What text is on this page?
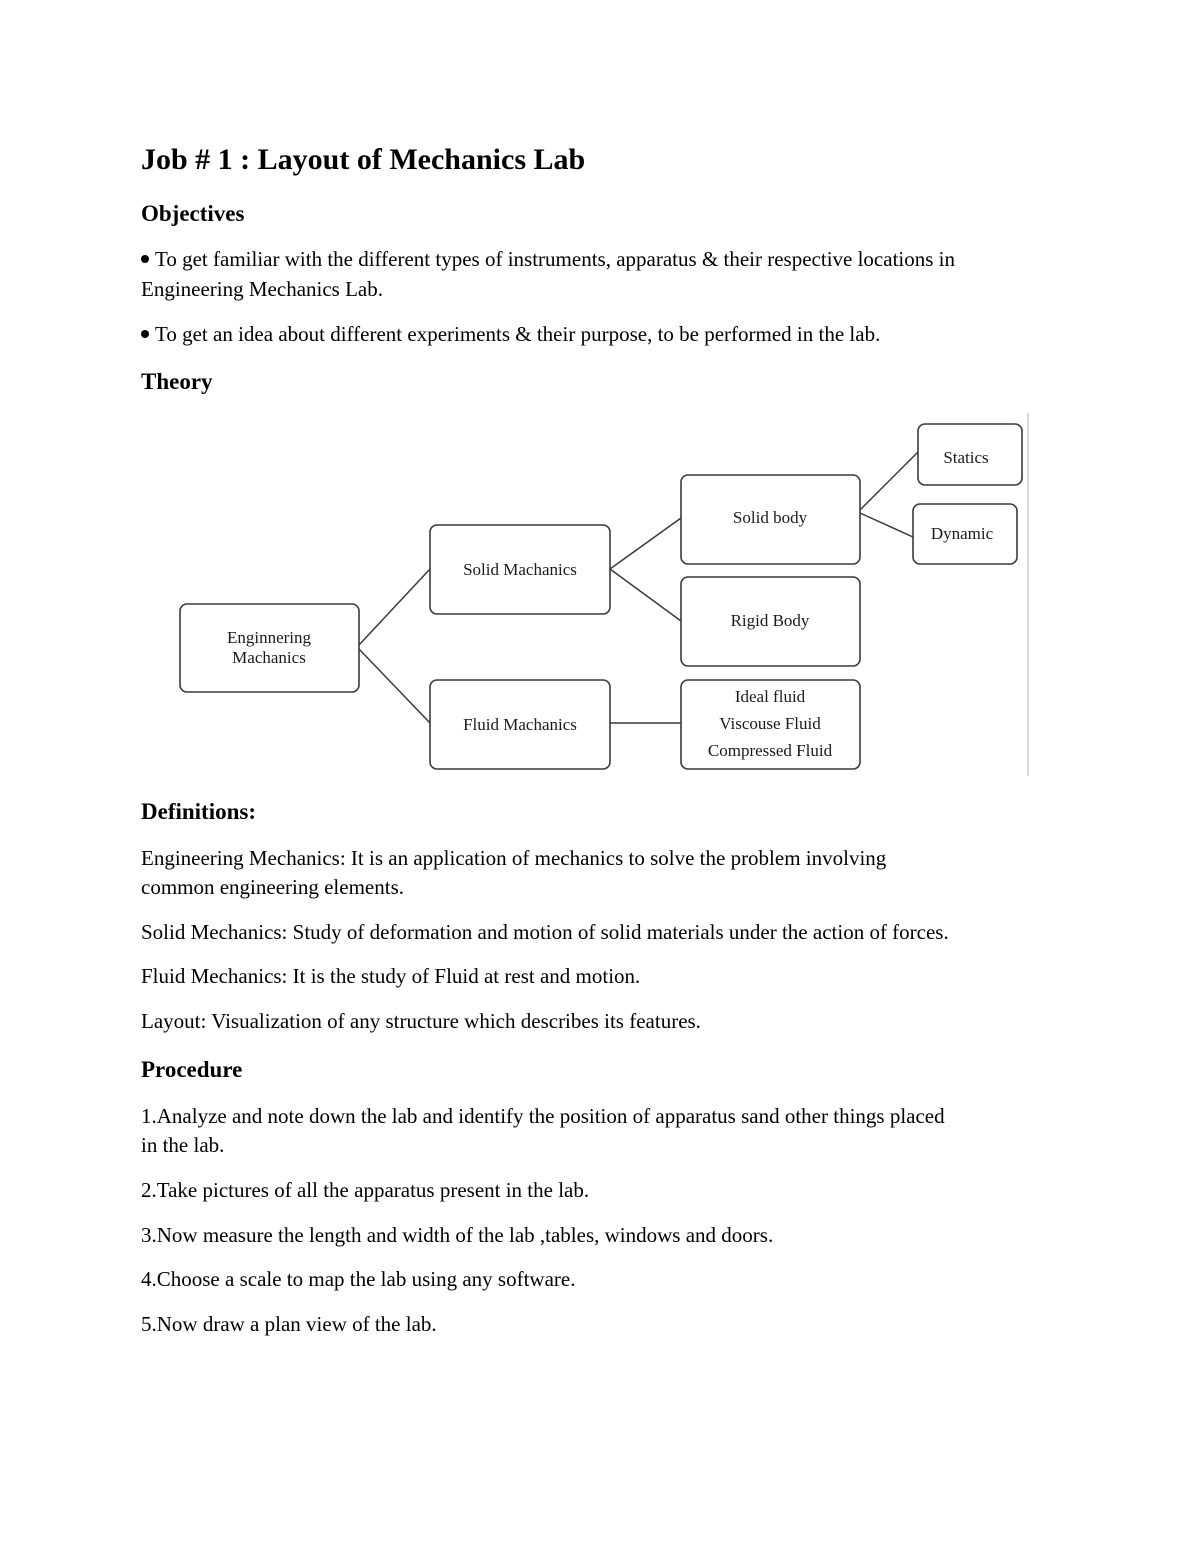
Job # 1 : Layout of Mechanics Lab
Objectives

To get familiar with the different types of instruments, apparatus & their respective locations in

Engineering Mechanics Lab.

To get an idea about different experiments & their purpose, to be performed in the lab.

Theory
Enginnering
Machanics
Solid Machanics
Fluid Machanics
Solid body
Rigid Body
Ideal fluid
Viscouse Fluid
Compressed Fluid
Statics
Dynamic
Definitions:

Engineering Mechanics: It is an application of mechanics to solve the problem involving

common engineering elements.

Solid Mechanics: Study of deformation and motion of solid materials under the action of forces.

Fluid Mechanics: It is the study of Fluid at rest and motion.

Layout: Visualization of any structure which describes its features.

Procedure

1.Analyze and note down the lab and identify the position of apparatus sand other things placed

in the lab.

2.Take pictures of all the apparatus present in the lab.

3.Now measure the length and width of the lab ,tables, windows and doors.

4.Choose a scale to map the lab using any software.

5.Now draw a plan view of the lab.
